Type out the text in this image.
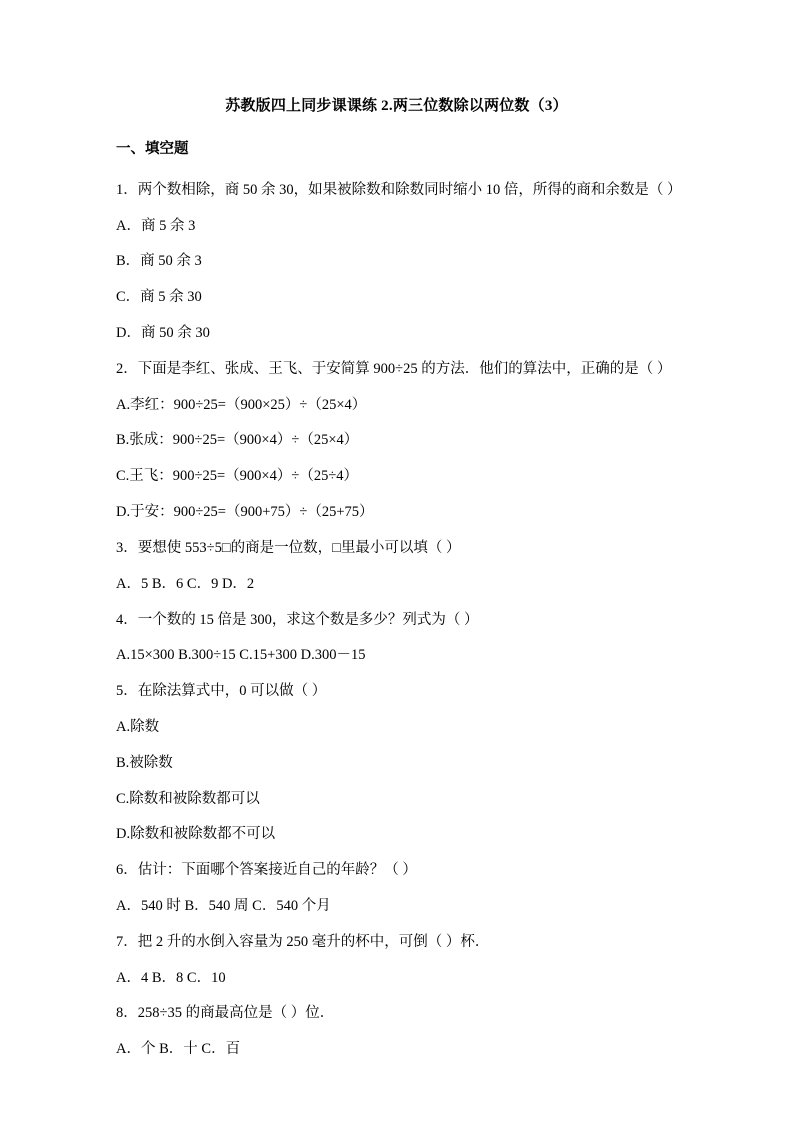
苏教版四上同步课课练 2.两三位数除以两位数（3）
一、填空题
1．两个数相除，商 50 余 30，如果被除数和除数同时缩小 10 倍，所得的商和余数是（ ）
A．商 5 余 3
B．商 50 余 3
C．商 5 余 30
D．商 50 余 30
2．下面是李红、张成、王飞、于安简算 900÷25 的方法．他们的算法中，正确的是（ ）
A.李红：900÷25=（900×25）÷（25×4）
B.张成：900÷25=（900×4）÷（25×4）
C.王飞：900÷25=（900×4）÷（25÷4）
D.于安：900÷25=（900+75）÷（25+75）
3．要想使 553÷5□的商是一位数，□里最小可以填（ ）
A．5 B．6 C．9 D．2
4．一个数的 15 倍是 300，求这个数是多少？列式为（ ）
A.15×300 B.300÷15 C.15+300 D.300－15
5．在除法算式中，0 可以做（ ）
A.除数
B.被除数
C.除数和被除数都可以
D.除数和被除数都不可以
6．估计：下面哪个答案接近自己的年龄？（ ）
A．540 时 B．540 周 C．540 个月
7．把 2 升的水倒入容量为 250 毫升的杯中，可倒（ ）杯．
A．4 B．8 C．10
8．258÷35 的商最高位是（ ）位．
A．个 B．十 C．百
